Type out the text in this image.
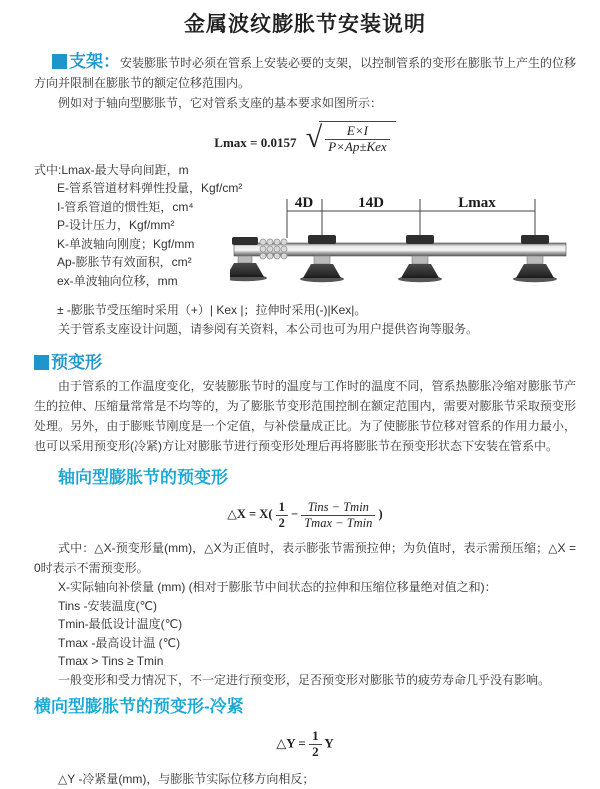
金属波纹膨胀节安装说明

支架：安装膨胀节时必须在管系上安装必要的支架，以控制管系的变形在膨胀节上产生的位移方向并限制在膨胀节的额定位移范围内。

例如对于轴向型膨胀节，它对管系支座的基本要求如图所示：

Lmax = 0.0157 √ $\frac{E\times I}{\text{P×Ap±Kex}}$
式中:Lmax-最大导向间距，m
E-管系管道材料弹性投量，Kgf/cm²
I-管系管道的惯性矩，cm⁴
P-设计压力，Kgf/mm²
K-单波轴向刚度；Kgf/mm
Ap-膨胀节有效面积，cm²
ex-单波轴向位移，mm
4D	14D	Lmax
± -膨胀节受压缩时采用（+）| Kex |；拉伸时采用(-)|Kex|。

关于管系支座设计问题，请参阅有关资料，本公司也可为用户提供咨询等服务。

预变形

由于管系的工作温度变化，安装膨胀节时的温度与工作时的温度不同，管系热膨胀冷缩对膨胀节产生的拉伸、压缩量常常是不均等的，为了膨胀节变形范围控制在额定范围内，需要对膨胀节采取预变形处理。另外，由于膨账节刚度是一个定值，与补偿量成正比。为了使膨胀节位移对管系的作用力最小，也可以采用预变形(冷紧)方让对膨胀节进行预变形处理后再将膨胀节在预变形状态下安装在管系中。

轴向型膨胀节的预变形
△X = $X( \frac{1}{2} - \frac{\text{Tins − Tmin}}{Tmax - Tmin}$ )

式中：△X-预变形量(mm)，△X为正值时，表示膨张节需预拉伸；为负值时，表示需预压缩；△X = 0时表示不需预变形。

X-实际轴向补偿量 (mm) (相对于膨胀节中间状态的拉伸和压缩位移量绝对值之和)：
Tins -安装温度(℃)
Tmin-最低设计温度(℃)
Tmax -最高设计温 (℃)
Tmax > Tins ≥ Tmin
一般变形和受力情况下，不一定进行预变形，足否预变形对膨胀节的疲劳寿命几乎没有影响。
横向型膨胀节的预变形-冷紧
△Y = $\frac{1}{2}$ Y
△Y -冷紧量(mm)，与膨胀节实际位移方向相反；
